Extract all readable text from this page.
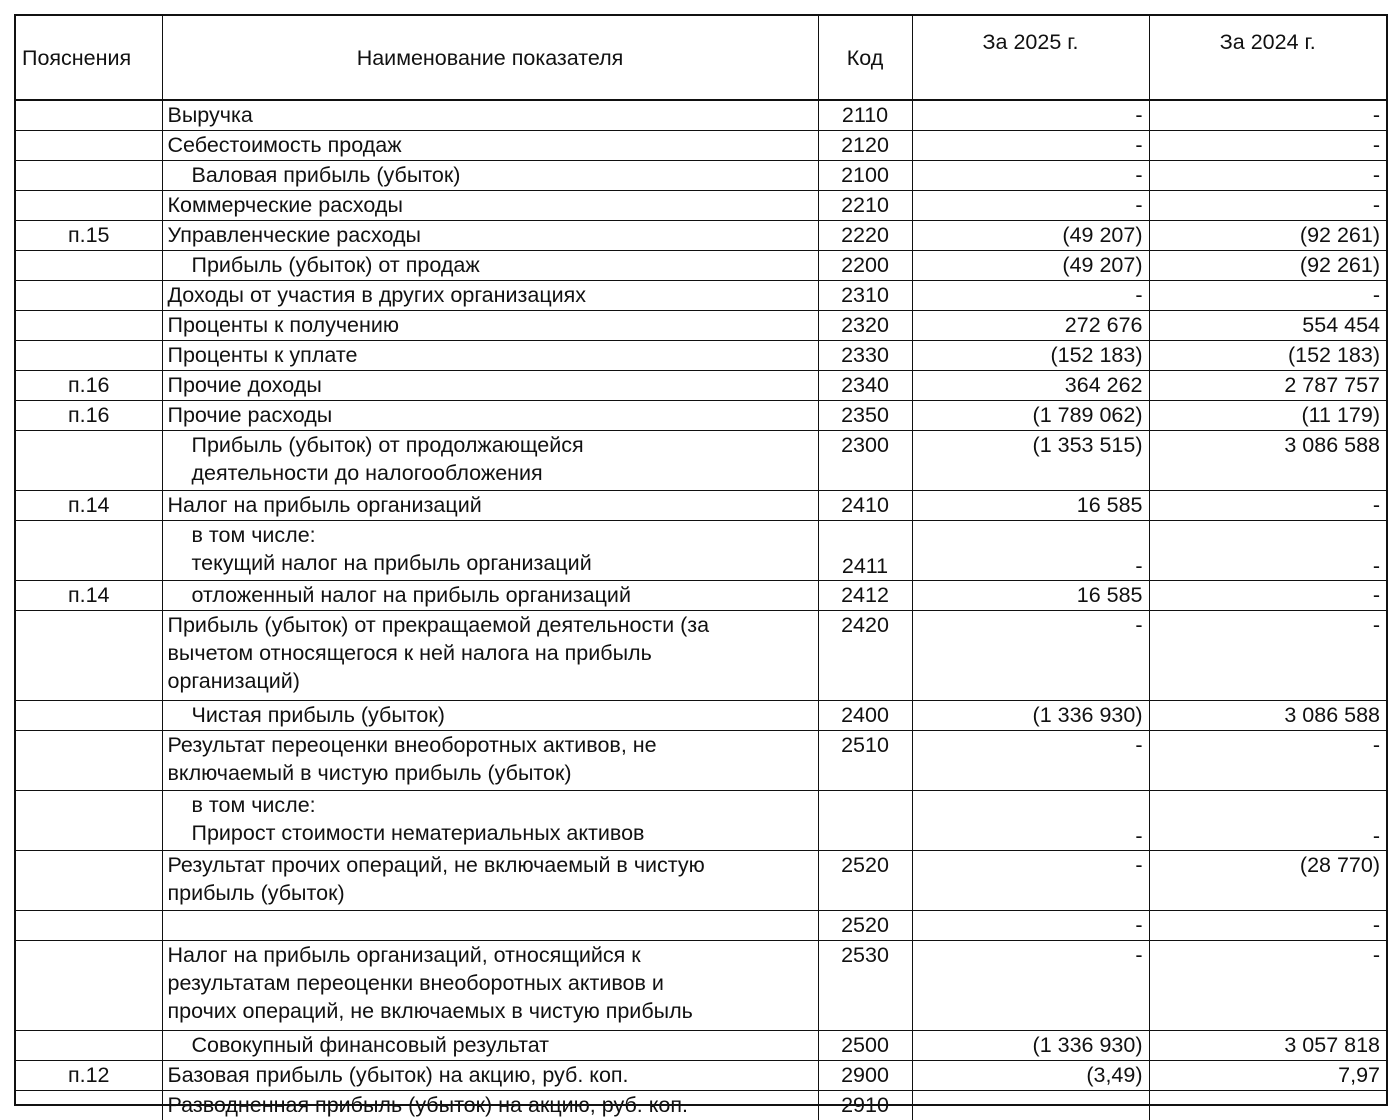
Пояснения	Наименование показателя	Код	За 2025 г.	За 2024 г.
	Выручка	2110	-	-
	Себестоимость продаж	2120	-	-
	Валовая прибыль (убыток)	2100	-	-
	Коммерческие расходы	2210	-	-
п.15	Управленческие расходы	2220	(49 207)	(92 261)
	Прибыль (убыток) от продаж	2200	(49 207)	(92 261)
	Доходы от участия в других организациях	2310	-	-
	Проценты к получению	2320	272 676	554 454
	Проценты к уплате	2330	(152 183)	(152 183)
п.16	Прочие доходы	2340	364 262	2 787 757
п.16	Прочие расходы	2350	(1 789 062)	(11 179)

	Прибыль (убыток) от продолжающейся
деятельности до налогообложения	2300	(1 353 515)	3 086 588
п.14	Налог на прибыль организаций	2410	16 585	-

	в том числе:
текущий налог на прибыль организаций	2411	-	-
п.14	отложенный налог на прибыль организаций	2412	16 585	-

	Прибыль (убыток) от прекращаемой деятельности (за
вычетом относящегося к ней налога на прибыль
организаций)	2420	-	-
	Чистая прибыль (убыток)	2400	(1 336 930)	3 086 588

	Результат переоценки внеоборотных активов, не
включаемый в чистую прибыль (убыток)	2510	-	-

	в том числе:
Прирост стоимости нематериальных активов		-	-

	Результат прочих операций, не включаемый в чистую
прибыль (убыток)	2520	-	(28 770)
		2520	-	-

	Налог на прибыль организаций, относящийся к
результатам переоценки внеоборотных активов и
прочих операций, не включаемых в чистую прибыль	2530	-	-
	Совокупный финансовый результат	2500	(1 336 930)	3 057 818
п.12	Базовая прибыль (убыток) на акцию, руб. коп.	2900	(3,49)	7,97
	Разводненная прибыль (убыток) на акцию, руб. коп.	2910		
